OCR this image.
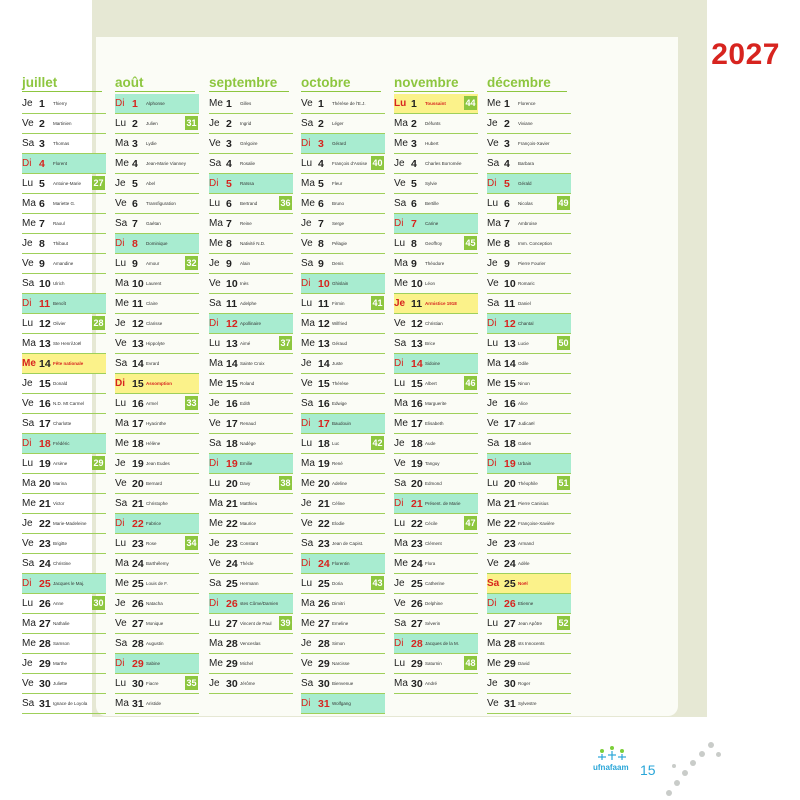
2027
juillet
Je 1	Thierry
Ve 2	Martinien
Sa 3	Thomas
Di 4	Florent
Lu 5	Antoine-Marie	27
Ma 6	Mariette G.
Me 7	Raoul
Je 8	Thibaut
Ve 9	Amandine
Sa 10 Ulrich
Di 11 Benoît
Lu 12 Olivier	28
Ma 13 Ste Henri/Joël
Me 14 Fête nationale
Je 15 Donald
Ve 16 N.D. Mt Carmel
Sa 17 Charlotte
Di 18 Frédéric
Lu 19 Arsène	29
Ma 20 Marina
Me 21 Victor
Je 22 Marie-Madeleine
Ve 23 Brigitte
Sa 24 Christine
Di 25 Jacques le Maj.
Lu 26 Anne	30
Ma 27 Nathalie
Me 28 Samson
Je 29 Marthe
Ve 30 Juliette
Sa 31 Ignace de Loyola
août
Di 1	Alphonse
Lu 2	Julien	31
Ma 3	Lydie
Me 4	Jean-Marie Vianney
Je 5	Abel
Ve 6	Transfiguration
Sa 7	Gaétan
Di 8	Dominique
Lu 9	Amour	32
Ma 10 Laurent
Me 11 Claire
Je 12 Clarisse
Ve 13 Hippolyte
Sa 14 Evrard
Di 15 Assomption
Lu 16 Armel	33
Ma 17 Hyacinthe
Me 18 Hélène
Je 19 Jean Eudes
Ve 20 Bernard
Sa 21 Christophe
Di 22 Fabrice
Lu 23 Rose	34
Ma 24 Barthélemy
Me 25 Louis de F.
Je 26 Natacha
Ve 27 Monique
Sa 28 Augustin
Di 29 Sabine
Lu 30 Fiacre	35
Ma 31 Aristide
septembre
Me 1	Gilles
Je 2	Ingrid
Ve 3	Grégoire
Sa 4	Rosalie
Di 5	Raïssa
Lu 6	Bertrand	36
Ma 7	Reine
Me 8	Nativité N.D.
Je 9	Alain
Ve 10 Inès
Sa 11 Adelphe
Di 12 Apollinaire
Lu 13 Aimé	37
Ma 14 Sainte Croix
Me 15 Roland
Je 16 Edith
Ve 17 Renaud
Sa 18 Nadège
Di 19 Emilie
Lu 20 Davy	38
Ma 21 Matthieu
Me 22 Maurice
Je 23 Constant
Ve 24 Thècle
Sa 25 Hermann
Di 26 stes Côme/Damien
Lu 27 Vincent de Paul	39
Ma 28 Venceslas
Me 29 Michel
Je 30 Jérôme
octobre
Ve 1	Thérèse de l'E.J.
Sa 2	Léger
Di 3	Gérard
Lu 4	François d'Assise 40
Ma 5	Fleur
Me 6	Bruno
Je 7	Serge
Ve 8	Pélagie
Sa 9	Denis
Di 10 Ghislain
Lu 11 Firmin	41
Ma 12 Wilfried
Me 13 Géraud
Je 14 Juste
Ve 15 Thérèse
Sa 16 Edwige
Di 17 Baudouin
Lu 18 Luc	42
Ma 19 René
Me 20 Adeline
Je 21 Céline
Ve 22 Elodie
Sa 23 Jean de Capist.
Di 24 Florentin
Lu 25 Doria	43
Ma 26 Dimitri
Me 27 Emeline
Je 28 Simon
Ve 29 Narcisse
Sa 30 Bienvenue
Di 31 Wolfgang
novembre
Lu 1	Toussaint	44
Ma 2	Défunts
Me 3	Hubert
Je 4	Charles Borromée
Ve 5	Sylvie
Sa 6	Bertille
Di 7	Carine
Lu 8	Geoffroy	45
Ma 9	Théodore
Me 10 Léon
Je 11 Armistice 1918
Ve 12 Christian
Sa 13 Brice
Di 14 Sidoine
Lu 15 Albert	46
Ma 16 Marguerite
Me 17 Elisabeth
Je 18 Aude
Ve 19 Tanguy
Sa 20 Edmond
Di 21 Présent. de Marie
Lu 22 Cécile	47
Ma 23 Clément
Me 24 Flora
Je 25 Catherine
Ve 26 Delphine
Sa 27 Séverin
Di 28 Jacques de la M.
Lu 29 Saturnin	48
Ma 30 André
décembre
Me 1	Florence
Je 2	Viviane
Ve 3	François-Xavier
Sa 4	Barbara
Di 5	Gérald
Lu 6	Nicolas	49
Ma 7	Ambroise
Me 8	Imm. Conception
Je 9	Pierre Fourier
Ve 10 Romaric
Sa 11 Daniel
Di 12 Chantal
Lu 13 Lucie	50
Ma 14 Odile
Me 15 Ninon
Je 16 Alice
Ve 17 Judicaël
Sa 18 Gatien
Di 19 Urbain
Lu 20 Théophile	51
Ma 21 Pierre Canisius
Me 22 Françoise-Xavière
Je 23 Armand
Ve 24 Adèle
Sa 25 Noël
Di 26 Etienne
Lu 27 Jean Apôtre	52
Ma 28 sts Innocents
Me 29 David
Je 30 Roger
Ve 31 Sylvestre
ufnafaam 15
